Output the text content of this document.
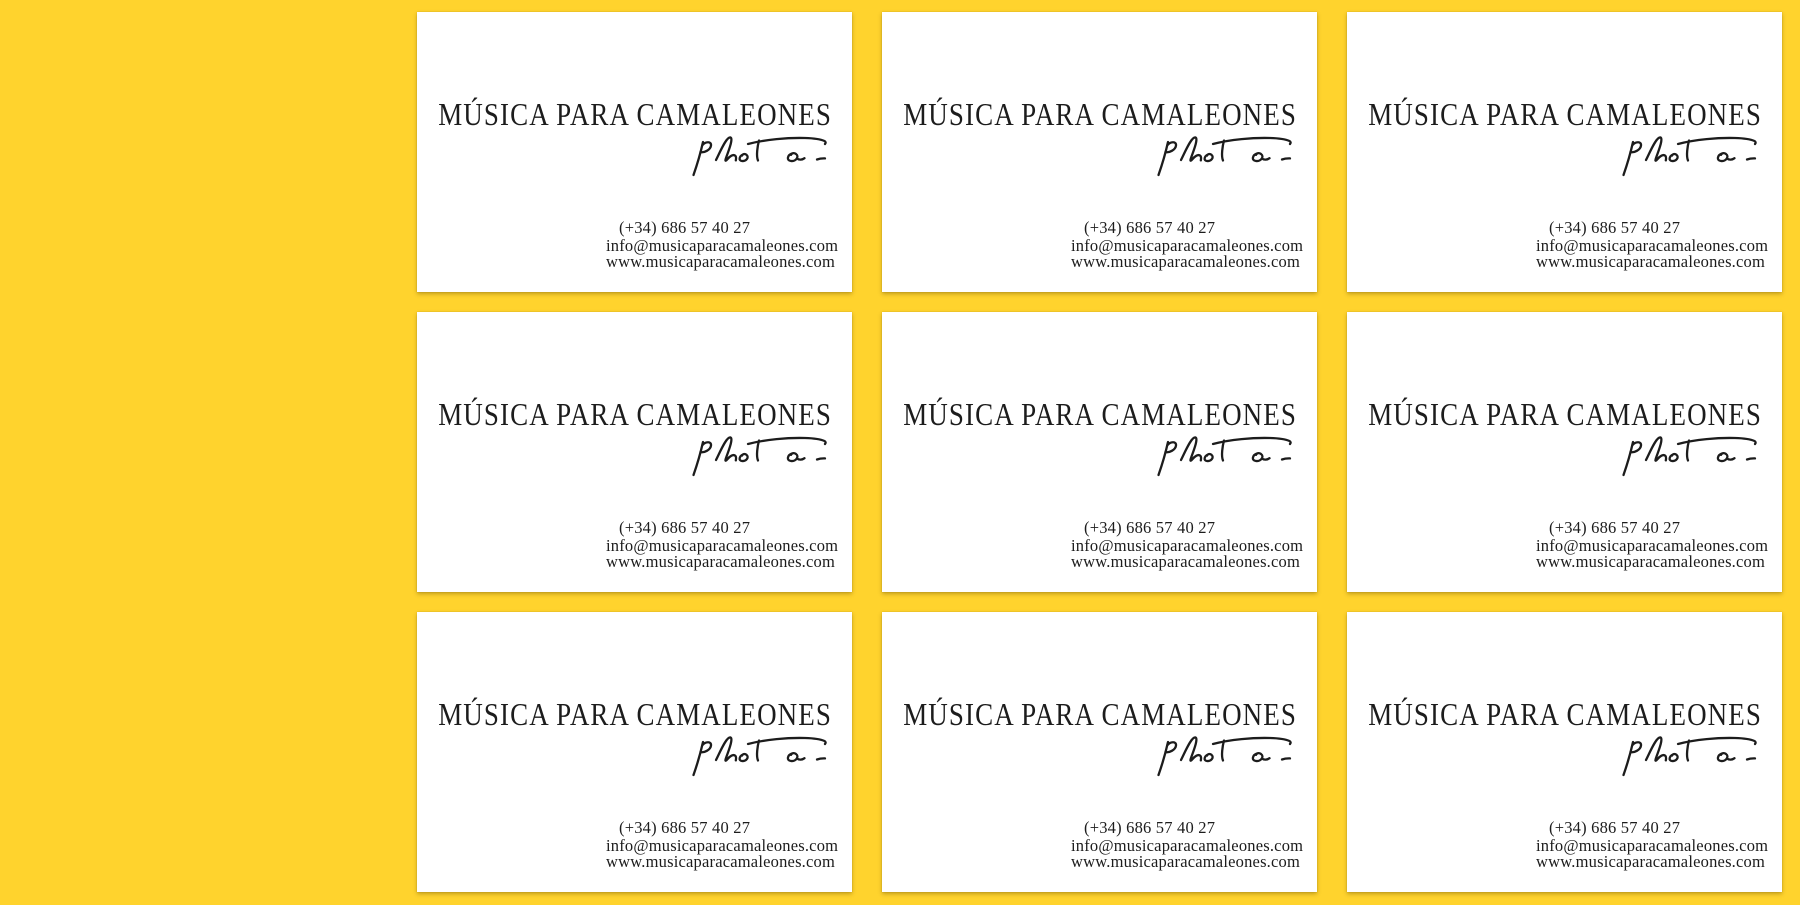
MÚSICA PARA CAMALEONES
(+34) 686 57 40 27
info@musicaparacamaleones.com
www.musicaparacamaleones.com
MÚSICA PARA CAMALEONES
(+34) 686 57 40 27
info@musicaparacamaleones.com
www.musicaparacamaleones.com
MÚSICA PARA CAMALEONES
(+34) 686 57 40 27
info@musicaparacamaleones.com
www.musicaparacamaleones.com
MÚSICA PARA CAMALEONES
(+34) 686 57 40 27
info@musicaparacamaleones.com
www.musicaparacamaleones.com
MÚSICA PARA CAMALEONES
(+34) 686 57 40 27
info@musicaparacamaleones.com
www.musicaparacamaleones.com
MÚSICA PARA CAMALEONES
(+34) 686 57 40 27
info@musicaparacamaleones.com
www.musicaparacamaleones.com
MÚSICA PARA CAMALEONES
(+34) 686 57 40 27
info@musicaparacamaleones.com
www.musicaparacamaleones.com
MÚSICA PARA CAMALEONES
(+34) 686 57 40 27
info@musicaparacamaleones.com
www.musicaparacamaleones.com
MÚSICA PARA CAMALEONES
(+34) 686 57 40 27
info@musicaparacamaleones.com
www.musicaparacamaleones.com
